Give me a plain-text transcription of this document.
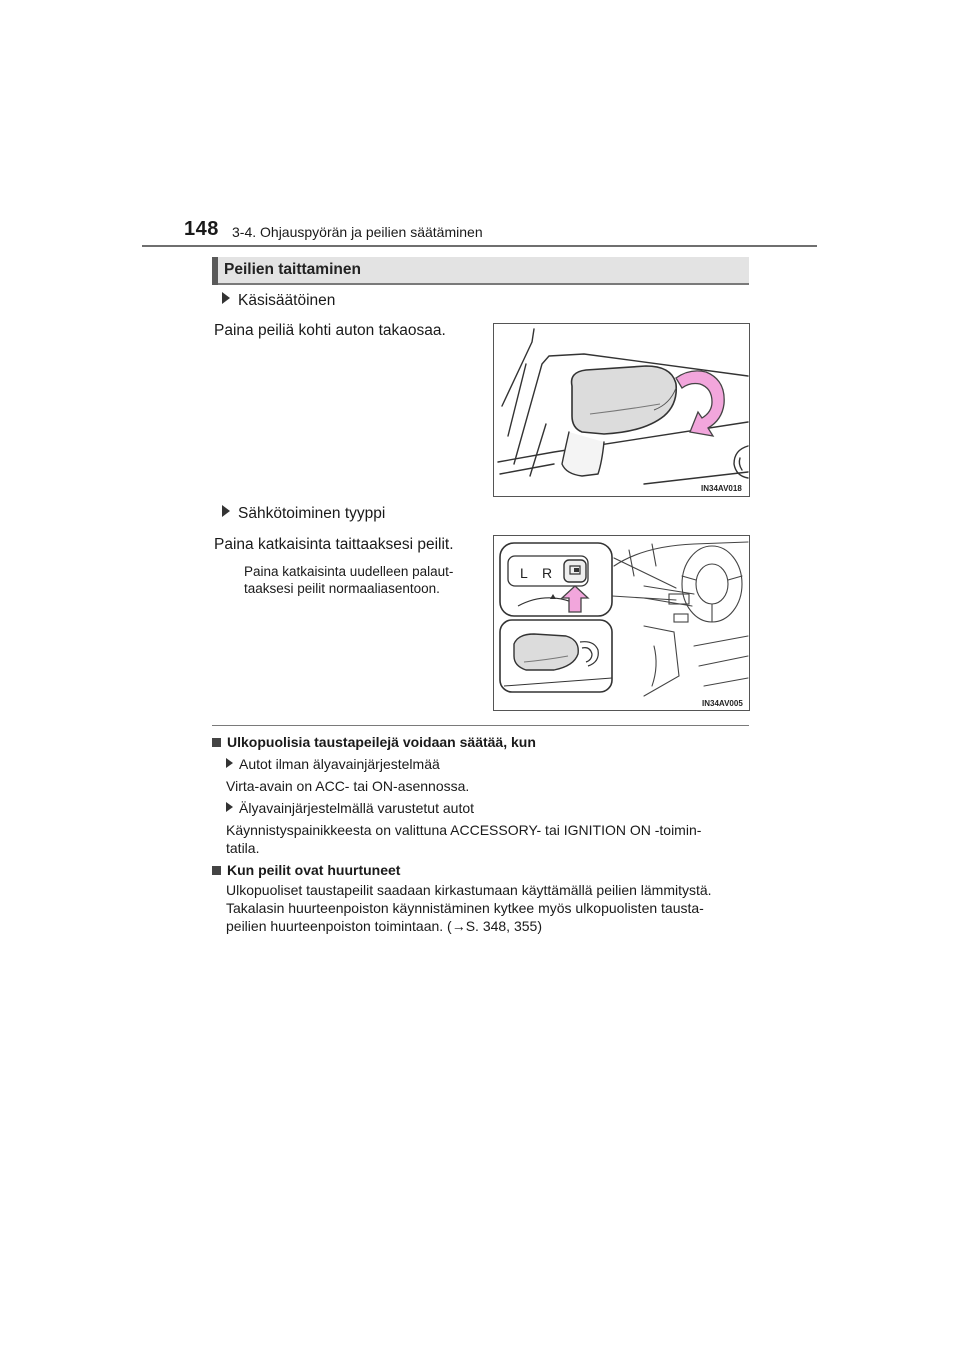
148 3-4. Ohjauspyörän ja peilien säätäminen
Peilien taittaminen
Käsisäätöinen
Paina peiliä kohti auton takaosaa.
IN34AV018
Sähkötoiminen tyyppi
Paina katkaisinta taittaaksesi peilit.
Paina katkaisinta uudelleen palaut-
taaksesi peilit normaaliasentoon.
L R
IN34AV005
Ulkopuolisia taustapeilejä voidaan säätää, kun
Autot ilman älyavainjärjestelmää
Virta-avain on ACC- tai ON-asennossa.
Älyavainjärjestelmällä varustetut autot
Käynnistyspainikkeesta on valittuna ACCESSORY- tai IGNITION ON -toimin-
tatila.
Kun peilit ovat huurtuneet
Ulkopuoliset taustapeilit saadaan kirkastumaan käyttämällä peilien lämmitystä.
Takalasin huurteenpoiston käynnistäminen kytkee myös ulkopuolisten tausta-
peilien huurteenpoiston toimintaan. (→S. 348, 355)
